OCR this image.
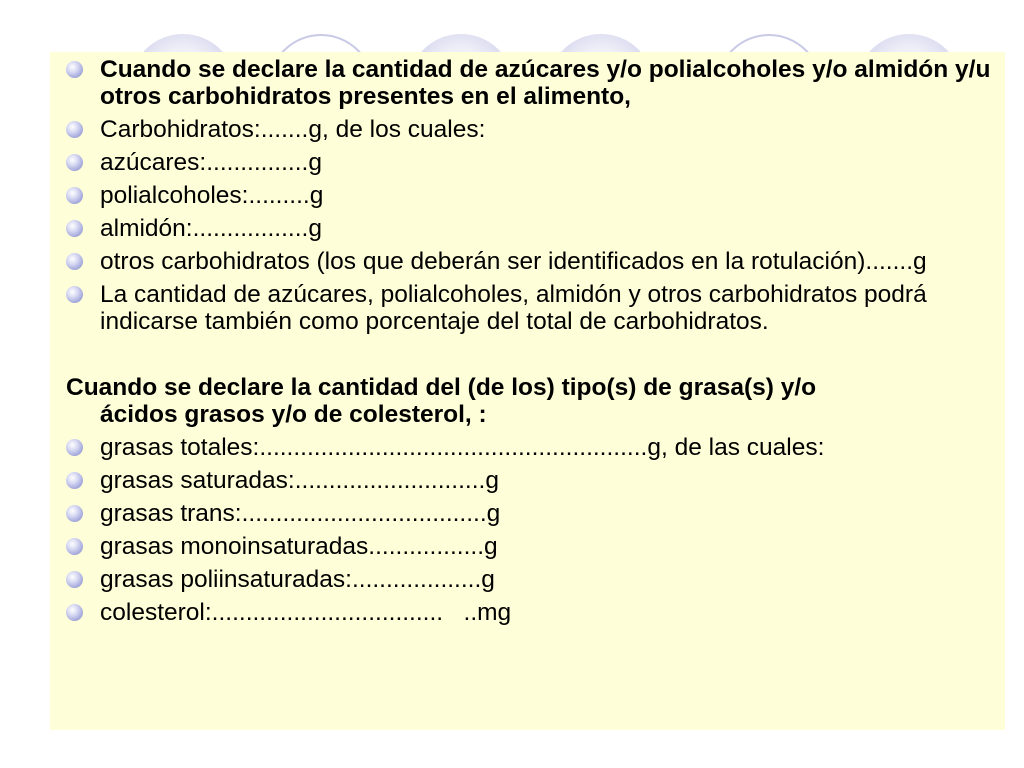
Cuando se declare la cantidad de azúcares y/o polialcoholes y/o almidón y/u otros carbohidratos presentes en el alimento,
Carbohidratos:.......g, de los cuales:
azúcares:...............g
polialcoholes:.........g
almidón:.................g
otros carbohidratos (los que deberán ser identificados en la rotulación).......g
La cantidad de azúcares, polialcoholes, almidón y otros carbohidratos podrá indicarse también como porcentaje del total de carbohidratos.
Cuando se declare la cantidad del (de los) tipo(s) de grasa(s) y/o
ácidos grasos y/o de colesterol, :
grasas totales:.........................................................g, de las cuales:
grasas saturadas:............................g
grasas trans:....................................g
grasas monoinsaturadas.................g
grasas poliinsaturadas:...................g
colesterol:..................................   ..mg
